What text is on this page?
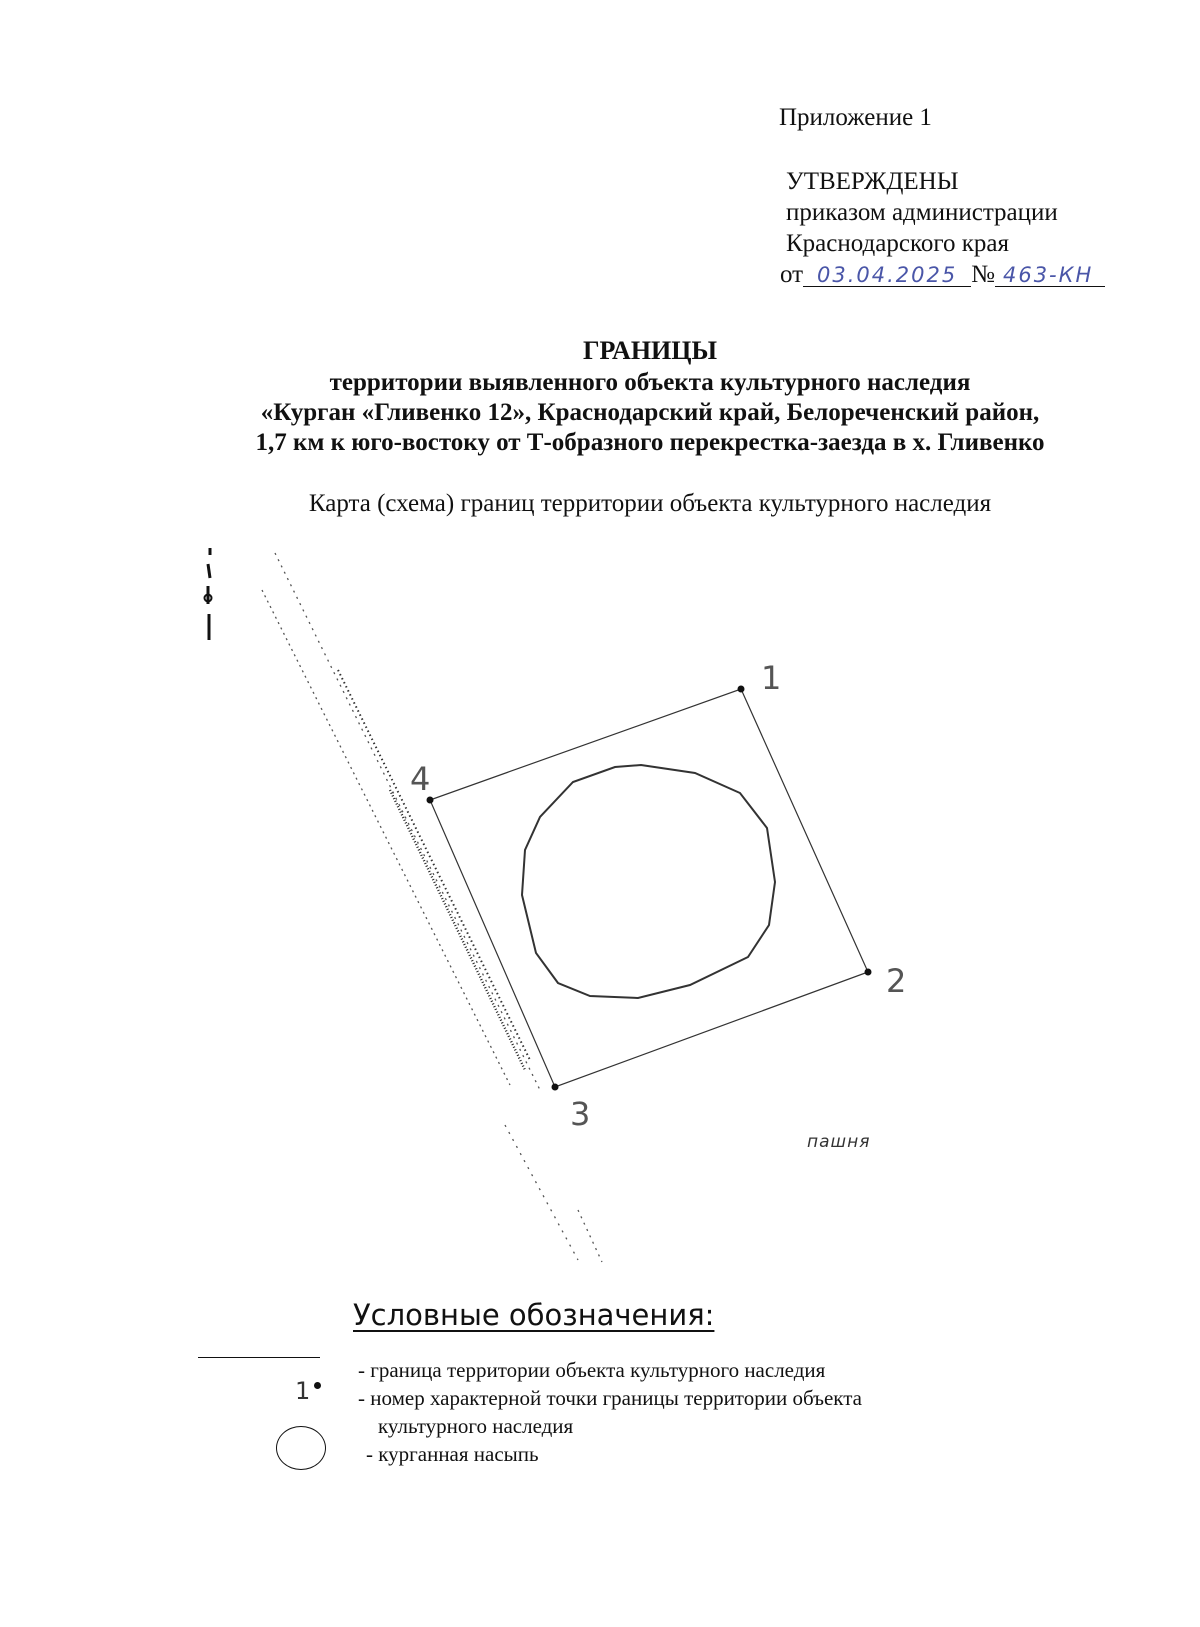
Приложение 1
УТВЕРЖДЕНЫ
приказом администрации
Краснодарского края
от 03.04.2025 № 463-КН
ГРАНИЦЫ
территории выявленного объекта культурного наследия
«Курган «Гливенко 12», Краснодарский край, Белореченский район,
1,7 км к юго-востоку от Т-образного перекрестка-заезда в х. Гливенко
Карта (схема) границ территории объекта культурного наследия
1
2
3
4
пашня
Условные обозначения:
- граница территории объекта культурного наследия
1	- номер характерной точки границы территории объекта
культурного наследия
- курганная насыпь
